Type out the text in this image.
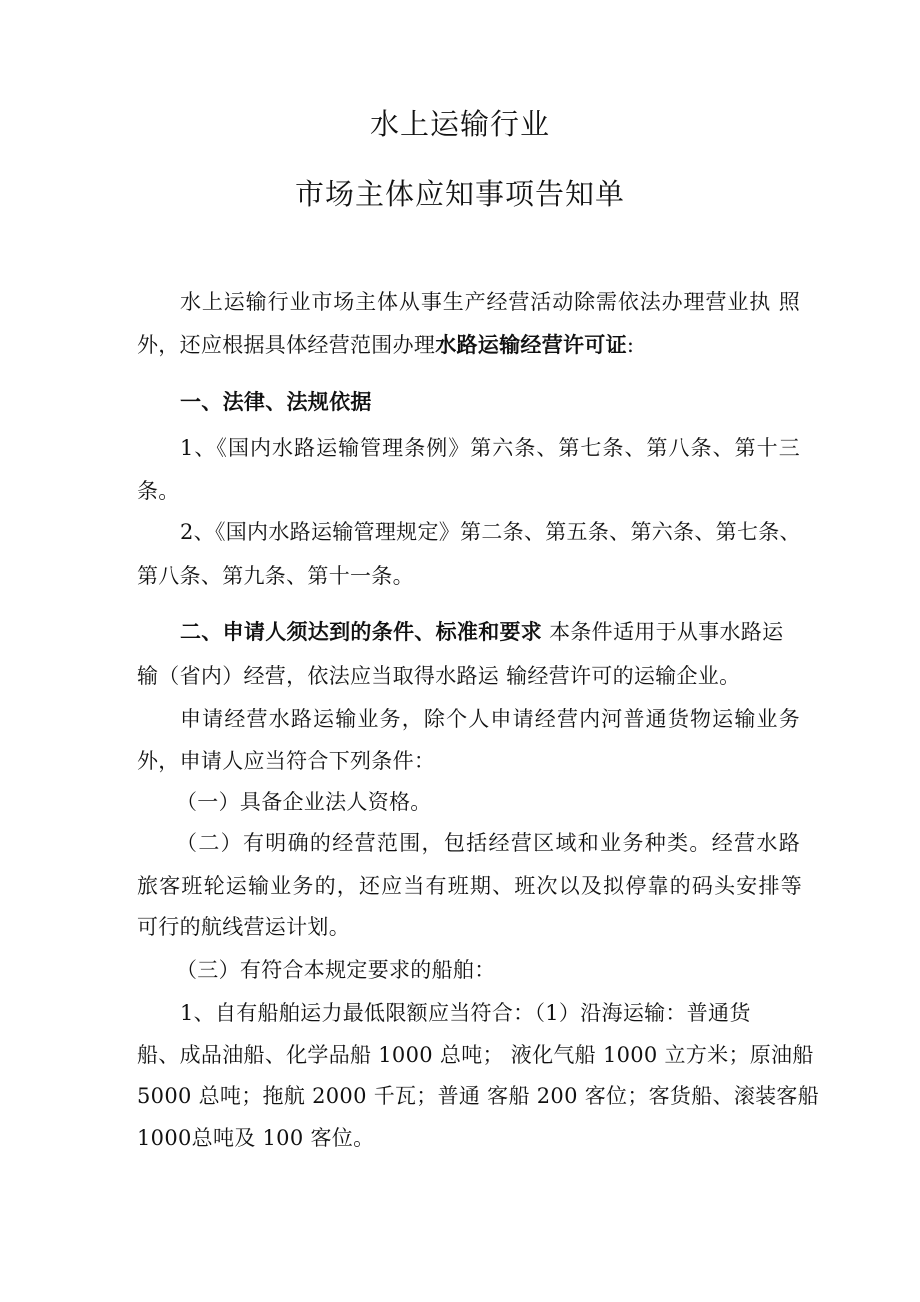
水上运输行业
市场主体应知事项告知单
水上运输行业市场主体从事生产经营活动除需依法办理营业执 照
外，还应根据具体经营范围办理水路运输经营许可证:
一、法律、法规依据
1、《国内水路运输管理条例》第六条、第七条、第八条、第十三
条。
2、《国内水路运输管理规定》第二条、第五条、第六条、第七条、
第八条、第九条、第十一条。
二、申请人须达到的条件、标准和要求 本条件适用于从事水路运
输（省内）经营，依法应当取得水路运 输经营许可的运输企业。
申请经营水路运输业务，除个人申请经营内河普通货物运输业务
外，申请人应当符合下列条件：
（一）具备企业法人资格。
（二）有明确的经营范围，包括经营区域和业务种类。经营水路
旅客班轮运输业务的，还应当有班期、班次以及拟停靠的码头安排等
可行的航线营运计划。
（三）有符合本规定要求的船舶：
1、自有船舶运力最低限额应当符合：（1）沿海运输：普通货
船、成品油船、化学品船 1000 总吨； 液化气船 1000 立方米；原油船
5000 总吨；拖航 2000 千瓦；普通 客船 200 客位；客货船、滚装客船
1000总吨及 100 客位。
